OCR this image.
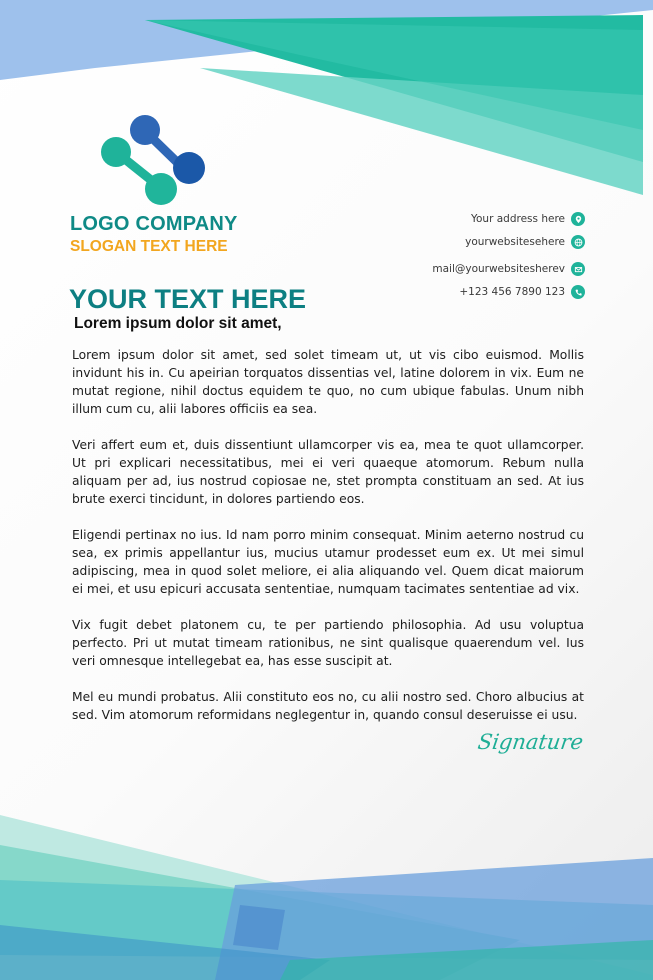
LOGO COMPANY
SLOGAN TEXT HERE
Your address here
yourwebsitesehere
mail@yourwebsitesherev
+123 456 7890 123
YOUR TEXT HERE
Lorem ipsum dolor sit amet,

Lorem ipsum dolor sit amet, sed solet timeam ut, ut vis cibo euismod. Mollis invidunt his in. Cu apeirian torquatos dissentias vel, latine dolorem in vix. Eum ne mutat regione, nihil doctus equidem te quo, no cum ubique fabulas. Unum nibh illum cum cu, alii labores officiis ea sea.

Veri affert eum et, duis dissentiunt ullamcorper vis ea, mea te quot ullamcorper. Ut pri explicari necessitatibus, mei ei veri quaeque atomorum. Rebum nulla aliquam per ad, ius nostrud copiosae ne, stet prompta constituam an sed. At ius brute exerci tincidunt, in dolores partiendo eos.

Eligendi pertinax no ius. Id nam porro minim consequat. Minim aeterno nostrud cu sea, ex primis appellantur ius, mucius utamur prodesset eum ex. Ut mei simul adipiscing, mea in quod solet meliore, ei alia aliquando vel. Quem dicat maiorum ei mei, et usu epicuri accusata sententiae, numquam tacimates sententiae ad vix.

Vix fugit debet platonem cu, te per partiendo philosophia. Ad usu voluptua perfecto. Pri ut mutat timeam rationibus, ne sint qualisque quaerendum vel. Ius veri omnesque intellegebat ea, has esse suscipit at.

Mel eu mundi probatus. Alii constituto eos no, cu alii nostro sed. Choro albucius at sed. Vim atomorum reformidans neglegentur in, quando consul deseruisse ei usu.

Signature
